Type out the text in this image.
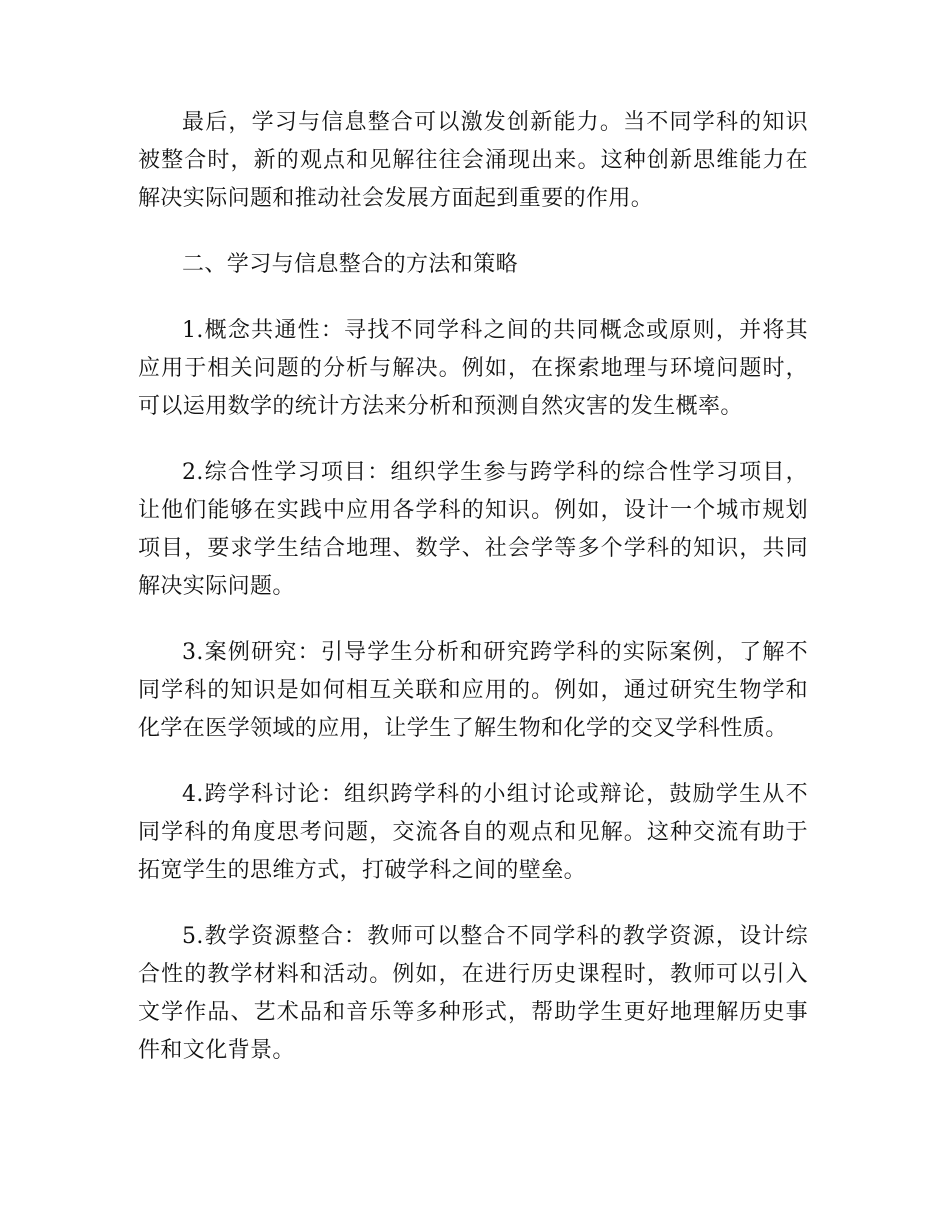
最后，学习与信息整合可以激发创新能力。当不同学科的知识被整合时，新的观点和见解往往会涌现出来。这种创新思维能力在解决实际问题和推动社会发展方面起到重要的作用。

二、学习与信息整合的方法和策略

1.概念共通性：寻找不同学科之间的共同概念或原则，并将其应用于相关问题的分析与解决。例如，在探索地理与环境问题时，可以运用数学的统计方法来分析和预测自然灾害的发生概率。

2.综合性学习项目：组织学生参与跨学科的综合性学习项目，让他们能够在实践中应用各学科的知识。例如，设计一个城市规划项目，要求学生结合地理、数学、社会学等多个学科的知识，共同解决实际问题。

3.案例研究：引导学生分析和研究跨学科的实际案例，了解不同学科的知识是如何相互关联和应用的。例如，通过研究生物学和化学在医学领域的应用，让学生了解生物和化学的交叉学科性质。

4.跨学科讨论：组织跨学科的小组讨论或辩论，鼓励学生从不同学科的角度思考问题，交流各自的观点和见解。这种交流有助于拓宽学生的思维方式，打破学科之间的壁垒。

5.教学资源整合：教师可以整合不同学科的教学资源，设计综合性的教学材料和活动。例如，在进行历史课程时，教师可以引入文学作品、艺术品和音乐等多种形式，帮助学生更好地理解历史事件和文化背景。
